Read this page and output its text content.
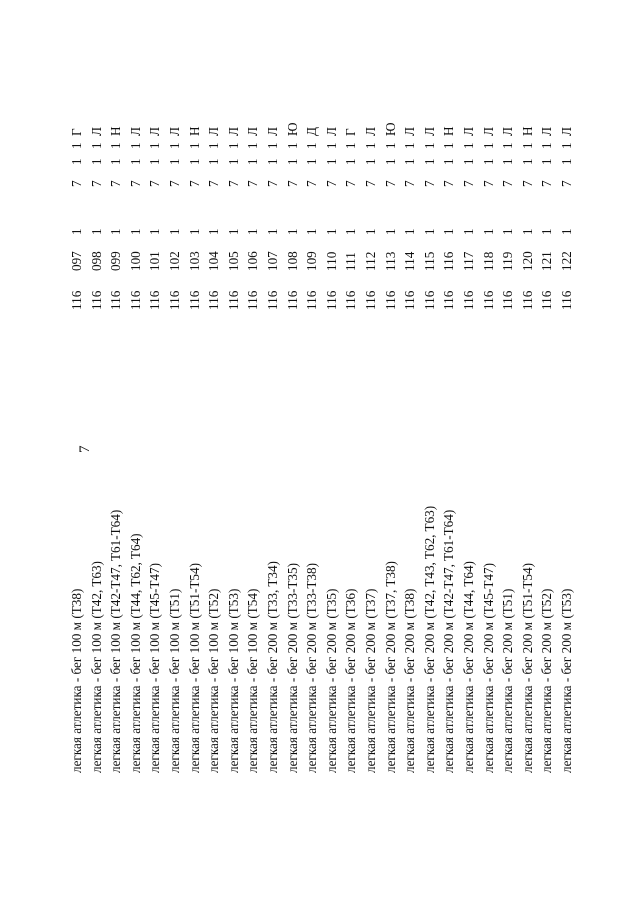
7
легкая атлетика - бег 100 м (T38)
116
097
1
7
1
1
Г
легкая атлетика - бег 100 м (T42, T63)
116
098
1
7
1
1
Л
легкая атлетика - бег 100 м (T42-T47, T61-T64)
116
099
1
7
1
1
Н
легкая атлетика - бег 100 м (T44, T62, T64)
116
100
1
7
1
1
Л
легкая атлетика - бег 100 м (T45-T47)
116
101
1
7
1
1
Л
легкая атлетика - бег 100 м (T51)
116
102
1
7
1
1
Л
легкая атлетика - бег 100 м (T51-T54)
116
103
1
7
1
1
Н
легкая атлетика - бег 100 м (T52)
116
104
1
7
1
1
Л
легкая атлетика - бег 100 м (T53)
116
105
1
7
1
1
Л
легкая атлетика - бег 100 м (T54)
116
106
1
7
1
1
Л
легкая атлетика - бег 200 м (T33, T34)
116
107
1
7
1
1
Л
легкая атлетика - бег 200 м (T33-T35)
116
108
1
7
1
1
Ю
легкая атлетика - бег 200 м (T33-T38)
116
109
1
7
1
1
Д
легкая атлетика - бег 200 м (T35)
116
110
1
7
1
1
Л
легкая атлетика - бег 200 м (T36)
116
111
1
7
1
1
Г
легкая атлетика - бег 200 м (T37)
116
112
1
7
1
1
Л
легкая атлетика - бег 200 м (T37, T38)
116
113
1
7
1
1
Ю
легкая атлетика - бег 200 м (T38)
116
114
1
7
1
1
Л
легкая атлетика - бег 200 м (T42, T43, T62, T63)
116
115
1
7
1
1
Л
легкая атлетика - бег 200 м (T42-T47, T61-T64)
116
116
1
7
1
1
Н
легкая атлетика - бег 200 м (T44, T64)
116
117
1
7
1
1
Л
легкая атлетика - бег 200 м (T45-T47)
116
118
1
7
1
1
Л
легкая атлетика - бег 200 м (T51)
116
119
1
7
1
1
Л
легкая атлетика - бег 200 м (T51-T54)
116
120
1
7
1
1
Н
легкая атлетика - бег 200 м (T52)
116
121
1
7
1
1
Л
легкая атлетика - бег 200 м (T53)
116
122
1
7
1
1
Л
